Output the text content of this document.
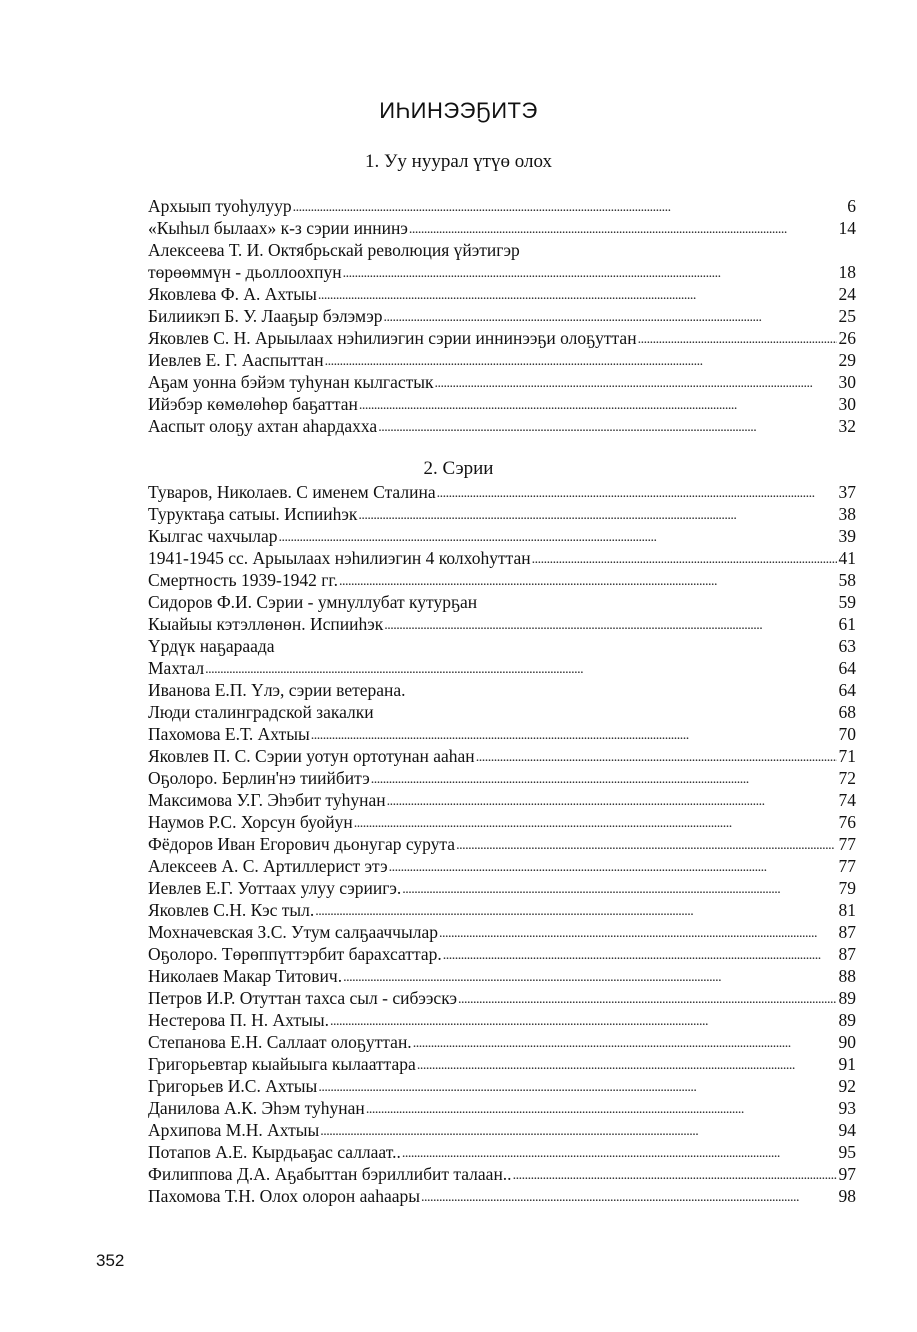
ИҺИНЭЭҔИТЭ
1. Уу нуурал үтүө олох
Архыып туоһулуур . . .	6
«Кыһыл былаах» к-з сэрии иннинэ . . .	14
Алексеева Т. И. Октябрьскай революция үйэтигэр
төрөөммүн - дьоллоохпун . . .	18
Яковлева Ф. А. Ахтыы . . .	24
Билиикэп Б. У. Лааҕыр бэлэмэр . . .	25
Яковлев С. Н. Арыылаах нэһилиэгин сэрии иннинээҕи олоҕуттан . . .	26
Иевлев Е. Г. Ааспыттан . . .	29
Аҕам уонна бэйэм туһунан кылгастык . . .	30
Ийэбэр көмөлөһөр баҕаттан . . .	30
Ааспыт олоҕу ахтан аһардахха . . .	32
2. Сэрии
Туваров, Николаев. С именем Сталина . . .	37
Туруктаҕа сатыы. Испииһэк . . .	38
Кылгас чахчылар . . .	39
1941-1945 сс. Арыылаах нэһилиэгин 4 колхоһуттан . . .	41
Смертность 1939-1942 гг. . . .	58
Сидоров Ф.И. Сэрии - умнуллубат кутурҕан	59
Кыайыы кэтэллөнөн. Испииһэк . . .	61
Үрдүк наҕараада	63
Махтал . . .	64
Иванова Е.П. Үлэ, сэрии ветерана.	64
Люди сталинградской закалки	68
Пахомова Е.Т. Ахтыы . . .	70
Яковлев П. С. Сэрии уотун ортотунан ааһан . . .	71
Оҕолоро. Берлин'нэ тиийбитэ . . .	72
Максимова У.Г. Эһэбит туһунан . . .	74
Наумов Р.С. Хорсун буойун . . .	76
Фёдоров Иван Егорович дьонугар сурута . . .	77
Алексеев А. С. Артиллерист этэ . . .	77
Иевлев Е.Г. Уоттаах улуу сэриигэ. . . .	79
Яковлев С.Н. Кэс тыл. . . .	81
Мохначевская З.С. Утум салҕааччылар . . .	87
Оҕолоро. Төрөппүттэрбит барахсаттар. . . .	87
Николаев Макар Титович. . . .	88
Петров И.Р. Отуттан тахса сыл - сибээскэ . . .	89
Нестерова П. Н. Ахтыы. . . .	89
Степанова Е.Н. Саллаат олоҕуттан. . . .	90
Григорьевтар кыайыыга кылааттара . . .	91
Григорьев И.С. Ахтыы . . .	92
Данилова А.К. Эһэм туһунан . . .	93
Архипова М.Н. Ахтыы . . .	94
Потапов А.Е. Кырдьаҕас саллаат.. . . .	95
Филиппова Д.А. Аҕабыттан бэриллибит талаан.. . . .	97
Пахомова Т.Н. Олох олорон ааһаары . . .	98
352
